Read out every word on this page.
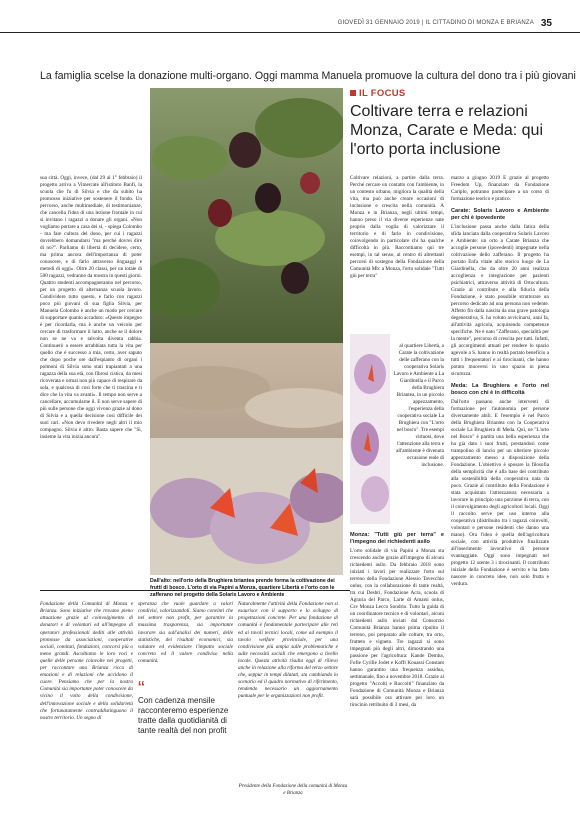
GIOVEDÌ 31 GENNAIO 2019 | IL CITTADINO DI MONZA E BRIANZA 35
La famiglia scelse la donazione multi-organo. Oggi mamma Manuela promuove la cultura del dono tra i più giovani
Dall'alto: nell'orto della Brughiera briantea prende forma la coltivazione dei frutti di bosco. L'orto di via Papini a Monza, quartiere Libertà e l'orto con le zafferano nel progetto della Solaris Lavoro e Ambiente

sua città. Oggi, invece, (dal 29 al 1° febbraio) il progetto arriva a Vimercate all'istituto Banfi, la scuola che fu di Silvia e che da subito ha promosso iniziative per sostenere il fondo. Un percorso, anche multimediale, di testimonianze, che cancella l'idea di una lezione frontale in cui si invitano i ragazzi a donare gli organi. «Non vogliamo portare a casa dei sì, - spiega Colombo - ma fare cultura del dono, per cui i ragazzi dovrebbero domandarsi "ma perché dovrei dire di no?". Parliamo di libertà di decidere, certo, ma prima ancora dell'importanza di poter conoscere, e di farlo attraverso linguaggi e metodi di oggi». Oltre 20 classi, per un totale di 500 ragazzi, vedranno da mostra in questi giorni. Quattro studenti accompagneranno nel percorso, per un progetto di alternanza scuola lavoro. Condividere tutto questo, e farlo con ragazzi poco più giovani di sua figlia Silvia, per Manuela Colombo è anche un modo per cercare di supportare quanto accaduto: «Questo impegno è per ricordarla, ma è anche un veicolo per cercare di trasformare il lutto, anche se il dolore non se ne va e talvolta diventa rabbia. Continuerò a essere arrabbiata tutta la vita per quello che è successo a mia, certo, aver saputo che dopo poche ore dall'espianto di organi i polmoni di Silvia sono stati trapiantati a una ragazza della sua età, con fibrosi cistica, da mesi ricoverata e ormai non più capace di respirare da sola, e qualcosa di così forte che ti trascina e ti dice che la vita va avanti». Il tempo non serve a cancellare, accumularne il. E non serve sapere di più sulle persone che oggi vivono grazie al dono di Silvia e a quella decisione così difficile dei suoi cari. «Non devo rivedere negli altri il mio compagno. Silvia è altro. Basta sapere che "Sì, insieme la vita inizia ancora".

IL FOCUS
Coltivare terra e relazioni Monza, Carate e Meda: qui l'orto porta inclusione

Coltivare relazioni, a partire dalla terra. Perché cercare un contatto con l'ambiente, in un contesto urbano, migliora la qualità della vita, ma può anche creare occasioni di inclusione e crescita nella comunità. A Monza e in Brianza, negli ultimi tempi, hanno preso il via diverse esperienze nate proprio dalla voglia di valorizzare il territorio e di farlo in condivisione, coinvolgendo in particolare chi ha qualche difficoltà in più. Raccontiamo qui tre esempi, in tal senso, al centro di altrettanti percorsi di sostegno della Fondazione della Comunità Mb: a Monza, l'orto solidale "Tutti giù per terra"

al quartiere Libertà, a Carate la coltivazione delle zafferano con la cooperativa Solaris Lavoro e Ambiente a La Giardinella e il Parco della Brughiera Briantea, in un piccolo appezzamento, l'esperienza della cooperativa sociale La Brughiera con "L'orto nel bosco". Tre esempi virtuosi, dove l'attenzione alla terra e all'ambiente è divenuta occasione reale di inclusione.

Monza: "Tutti giù per terra" e l'impegno dei richiedenti asilo

L'orto solidale di via Papini a Monza sta crescendo anche grazie all'impegno di alcuni richiedenti asilo. Da febbraio 2018 sono iniziati i lavori per realizzare l'orto sul terreno della Fondazione Alessio Tavecchio onlus, con la collaborazione di tante realtà, tra cui Deshri, Fondazione Acra, scuola di Agraria del Parco, Larte di Amarsi onlus, Csv Monza Lecco Sondrio. Tutto la guida di un coordinatore tecnico e di volontari, alcuni richiedenti asilo inviati dal Consorzio Comunità Brianza hanno prima ripulito il terreno, poi preparato alle colture, tra orto, frutteto e vigneto. Tre ragazzi si sono impegnati più degli altri, dimostrando una passione per l'agricoltura: Kande Demba, Fofie Cyrille Jodet e Koffi Kouassi Constant hanno garantito una frequenza assidua, settimanale, fino a novembre 2018. Grazie al progetto "Accolti e Raccolti" finanziato da Fondazione di Comunità Monza e Brianza sarà possibile ora attivare per loro un tirocinio retribuito di 3 mesi, da

marzo a giugno 2019 E grazie al progetto Freedom Up, finanziato da Fondazione Cariplo, potranno partecipare a un corso di formazione teorico e pratico.

Carate: Solaris Lavoro e Ambiente per chi è ipovedente

L'inclusione passa anche dalla fatica della sfida lanciata dalla cooperativa Solaris Lavoro e Ambiente: un orto a Carate Brianza che accoglie persone (ipovedenti) impegnate nella coltivazione dello zafferano. Il progetto ha portato Enfa vitale allo storico luogo de La Giardinella, che da oltre 20 anni realizza accoglienza e integrazione per pazienti psichiatrici, attraverso attività di Ortocultura. Grazie al contributo e alla fiducia della Fondazione, è stato possibile strutturare un percorso dedicato ad una persona non vedente. Affetto fin dalla nascita da una grave patologia degenerativa, S. ha voluto avvicinarsi, anni fa, all'attività agricola, acquisendo competenze specifiche. Ne è nato "Zafferano, specialità per la mente", percorso di crescita per tutti. Infatti, gli accorgimenti attuati per rendere lo spazio agevole a S. hanno in realtà portato beneficio a tutti i frequentatori e ai tirocinanti, che hanno potuto muoversi in uno spazio in piena sicurezza.

Meda: La Brughiera e l'orto nel bosco con chi è in difficoltà

Dall'orto passano anche interventi di formazione per l'autonomia per persone diversamente abili. E l'esempio è nel Parco della Brughiera Briantea con la Cooperativa sociale La Brughiera di Meda. Qui, ne "L'orto nel Bosco" è partita una bella esperienza che ha già dato i suoi frutti, prestandosi come trampolino di lancio per un ulteriore piccolo appezzamento messo a disposizione della Fondazione. L'obiettivo è sposare la filosofia della semplicità che è alla base del contributo alla sostenibilità della cooperativa nata da poco. Grazie al contributo della Fondazione è stata acquistata l'attrezzatura necessaria a lavorare in principio una porzione di terra, con il coinvolgimento degli agricoltori locali. Oggi il raccolto serve per uso interno alla cooperativa (distribuito tra i ragazzi coinvolti, volontari e persone residenti che danno una mano). Ora l'idea è quella dell'agricoltura sociale, con attività produttive finalizzate all'inserimento lavorativo di persone svantaggiate. Oggi sono impegnati nel progetto 12 utente 3 i tirocinanti. Il contributo iniziale della Fondazione è servito e ha fatto nascere in concreto idee, non solo frutta e verdura.

Fondazione della Comunità di Monza e Brianza. Sono iniziative che trovano pieno attuazione grazie al coinvolgimento di donatori e di volontari ed all'impegno di operatori professionali dediti alle attività promosse da associazioni, cooperative sociali, comitati, fondazioni, concorsi più o meno grandi. Ascoltiamo le loro voci e quelle delle persone coinvolte nei progetti, per raccontare una Brianza ricca di emozioni e di relazioni che accidono il cuore. Pensiamo che per la nostra Comunità sia importante poter conoscere da vicino il volto della condivisione, dell'innovazione sociale e della solidarietà che fortunatamente contraddistinguono il nostro territorio. Un segno di

speranza che vuole guardare a valori condivisi, valorizzandoli. Siamo convinti che nel settore non profit, per garantire la massima trasparenza, sia importante lavorare sia sull'analisi dei numeri, delle statistiche, dei risultati economici, sia valutare ed evidenziare l'impatto sociale concreto ed il valore condiviso nella comunità.

“
Con cadenza mensile racconteremo esperienze tratte dalla quotidianità di tante realtà del non profit

Naturalmente l'attività della Fondazione non si esaurisce con il supporto e lo sviluppo di progettazioni concrete. Per una fondazione di comunità è fondamentale partecipare alle reti ed ai tavoli tecnici locali, come ad esempio il tavolo welfare provinciale, per una condivisione più ampia sulle problematiche e sulle necessità sociali che emergono a livello locale. Questa attività risulta oggi di rilievo anche in relazione alla riforma del terzo settore che, seppur in tempi dilatati, sta cambiando lo scenario ed il quadro normativo di riferimento, rendendo necessario un aggiornamento puntuale per le organizzazioni non profit.

Presidente della Fondazione della comunità di Monza e Brianza
